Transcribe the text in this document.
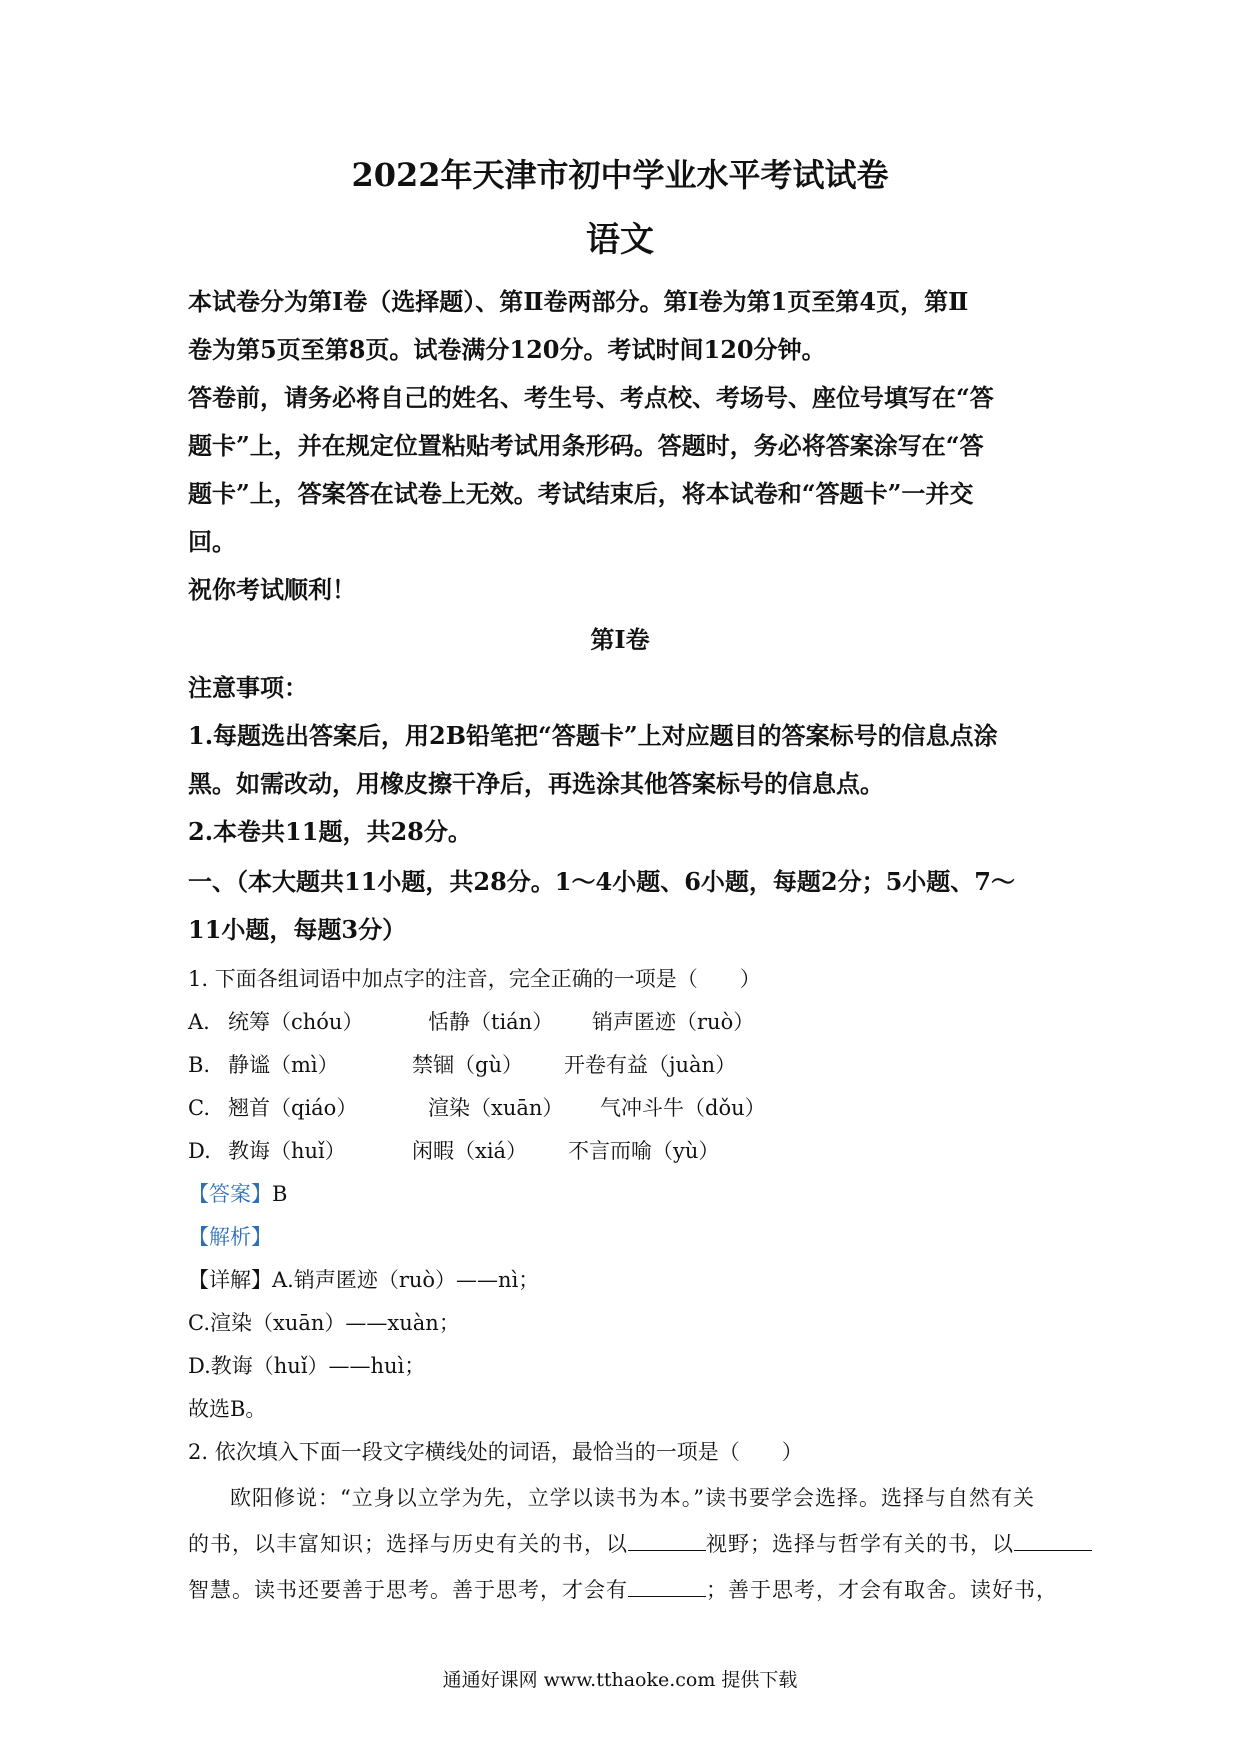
2022年天津市初中学业水平考试试卷
语文
本试卷分为第Ⅰ卷（选择题）、第Ⅱ卷两部分。第Ⅰ卷为第1页至第4页，第Ⅱ
卷为第5页至第8页。试卷满分120分。考试时间120分钟。
答卷前，请务必将自己的姓名、考生号、考点校、考场号、座位号填写在“答
题卡”上，并在规定位置粘贴考试用条形码。答题时，务必将答案涂写在“答
题卡”上，答案答在试卷上无效。考试结束后，将本试卷和“答题卡”一并交
回。
祝你考试顺利！
第Ⅰ卷
注意事项：
1.每题选出答案后，用2B铅笔把“答题卡”上对应题目的答案标号的信息点涂
黑。如需改动，用橡皮擦干净后，再选涂其他答案标号的信息点。
2.本卷共11题，共28分。
一、（本大题共11小题，共28分。1～4小题、6小题，每题2分；5小题、7～
11小题，每题3分）
1. 下面各组词语中加点字的注音，完全正确的一项是（　　）
A. 统筹（chóu）	恬静（tián） 销声匿迹（ruò）
B. 静谧（mì）	禁锢（gù） 开卷有益（juàn）
C. 翘首（qiáo）	渲染（xuān） 气冲斗牛（dǒu）
D. 教诲（huǐ）	闲暇（xiá） 不言而喻（yù）
【答案】B
【解析】
【详解】A.销声匿迹（ruò）——nì；
C.渲染（xuān）——xuàn；
D.教诲（huǐ）——huì；
故选B。
2. 依次填入下面一段文字横线处的词语，最恰当的一项是（　　）
欧阳修说：“立身以立学为先，立学以读书为本。”读书要学会选择。选择与自然有关
的书，以丰富知识；选择与历史有关的书，以	视野；选择与哲学有关的书，以
智慧。读书还要善于思考。善于思考，才会有	；善于思考，才会有取舍。读好书，
通通好课网 www.tthaoke.com 提供下载
